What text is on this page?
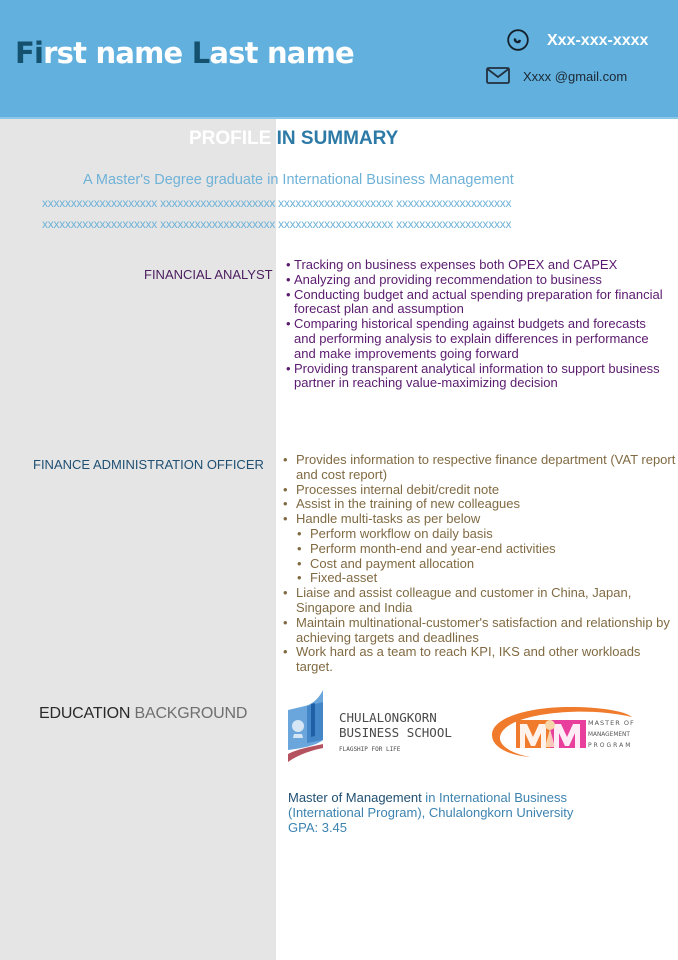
First name Last name	Xxx-xxx-xxxx
Xxxx @gmail.com
PROFILE IN SUMMARY
A Master's Degree graduate in International Business Management
xxxxxxxxxxxxxxxxxxxx xxxxxxxxxxxxxxxxxxxx xxxxxxxxxxxxxxxxxxxx xxxxxxxxxxxxxxxxxxxx
xxxxxxxxxxxxxxxxxxxx xxxxxxxxxxxxxxxxxxxx xxxxxxxxxxxxxxxxxxxx xxxxxxxxxxxxxxxxxxxx
FINANCIAL ANALYST
• Tracking on business expenses both OPEX and CAPEX
• Analyzing and providing recommendation to business
• Conducting budget and actual spending preparation for financial forecast plan and assumption
• Comparing historical spending against budgets and forecasts and performing analysis to explain differences in performance and make improvements going forward
• Providing transparent analytical information to support business partner in reaching value-maximizing decision
FINANCE ADMINISTRATION OFFICER	• Provides information to respective finance department (VAT report and cost report)
• Processes internal debit/credit note
• Assist in the training of new colleagues
• Handle multi-tasks as per below
• Perform workflow on daily basis
• Perform month-end and year-end activities
• Cost and payment allocation
• Fixed-asset
• Liaise and assist colleague and customer in China, Japan, Singapore and India
• Maintain multinational-customer's satisfaction and relationship by achieving targets and deadlines
• Work hard as a team to reach KPI, IKS and other workloads target.
EDUCATION BACKGROUND	CHULALONGKORN
BUSINESS SCHOOL
FLAGSHIP FOR LIFE
MASTER OF
MANAGEMENT
PROGRAM
Master of Management in International Business (International Program), Chulalongkorn University
GPA: 3.45
